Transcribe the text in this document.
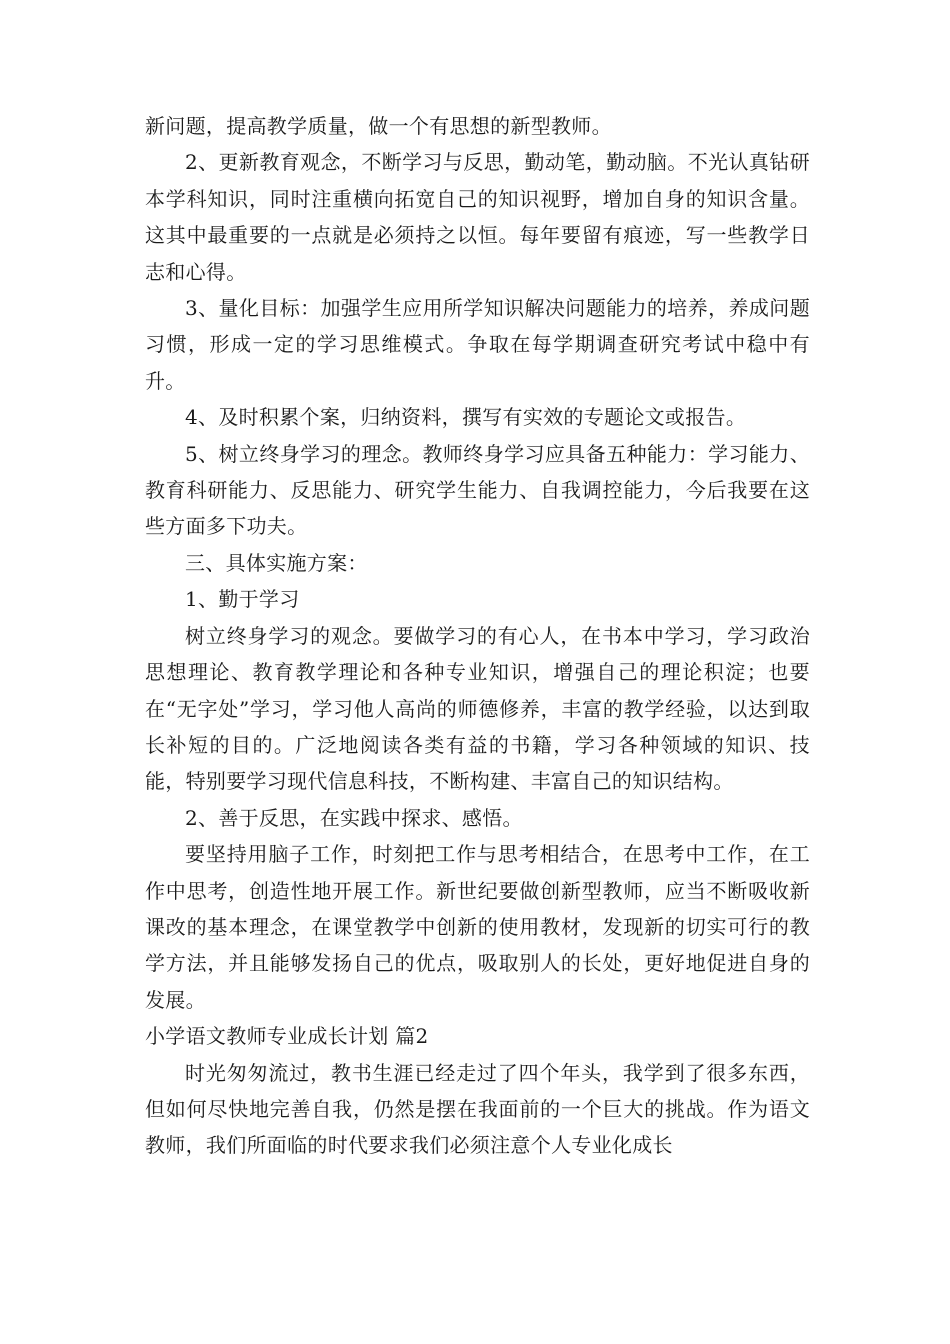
新问题，提高教学质量，做一个有思想的新型教师。

2、更新教育观念，不断学习与反思，勤动笔，勤动脑。不光认真钻研本学科知识，同时注重横向拓宽自己的知识视野，增加自身的知识含量。这其中最重要的一点就是必须持之以恒。每年要留有痕迹，写一些教学日志和心得。

3、量化目标：加强学生应用所学知识解决问题能力的培养，养成问题习惯，形成一定的学习思维模式。争取在每学期调查研究考试中稳中有升。

4、及时积累个案，归纳资料，撰写有实效的专题论文或报告。

5、树立终身学习的理念。教师终身学习应具备五种能力：学习能力、教育科研能力、反思能力、研究学生能力、自我调控能力，今后我要在这些方面多下功夫。

三、具体实施方案：

1、勤于学习

树立终身学习的观念。要做学习的有心人，在书本中学习，学习政治思想理论、教育教学理论和各种专业知识，增强自己的理论积淀；也要在“无字处”学习，学习他人高尚的师德修养，丰富的教学经验，以达到取长补短的目的。广泛地阅读各类有益的书籍，学习各种领域的知识、技能，特别要学习现代信息科技，不断构建、丰富自己的知识结构。

2、善于反思，在实践中探求、感悟。

要坚持用脑子工作，时刻把工作与思考相结合，在思考中工作，在工作中思考，创造性地开展工作。新世纪要做创新型教师，应当不断吸收新课改的基本理念，在课堂教学中创新的使用教材，发现新的切实可行的教学方法，并且能够发扬自己的优点，吸取别人的长处，更好地促进自身的发展。

小学语文教师专业成长计划 篇2

时光匆匆流过，教书生涯已经走过了四个年头，我学到了很多东西，但如何尽快地完善自我，仍然是摆在我面前的一个巨大的挑战。作为语文教师，我们所面临的时代要求我们必须注意个人专业化成长
